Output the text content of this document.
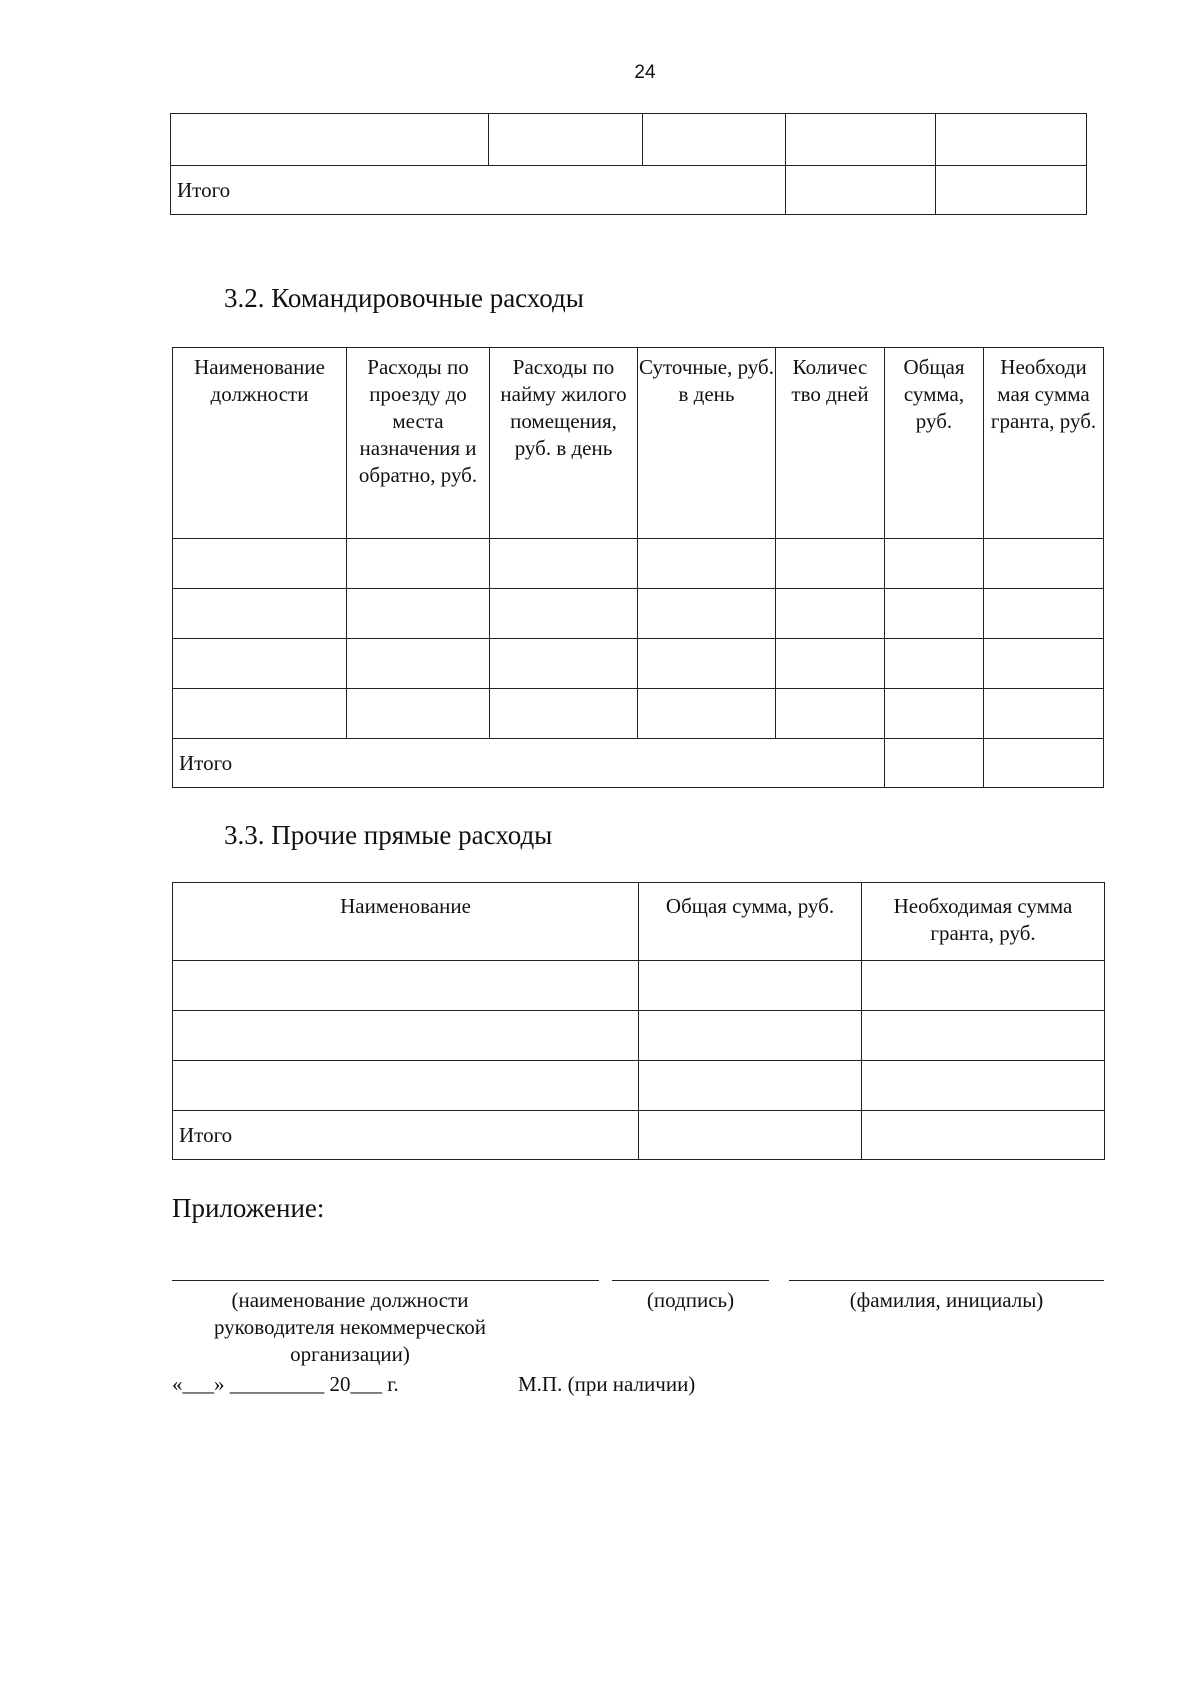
24

Итого				
3.2. Командировочные расходы
Наименование должности	Расходы по проезду до места назначения и обратно, руб.	Расходы по найму жилого помещения, руб. в день	Суточные, руб. в день	Количес тво дней	Общая сумма, руб.	Необходи мая сумма гранта, руб.

Итого						
3.3. Прочие прямые расходы
Наименование	Общая сумма, руб.	Необходимая сумма гранта, руб.

Итого		
Приложение:
(наименование должности руководителя некоммерческой организации)
(подпись)	(фамилия, инициалы)
«___» _________ 20___ г.	М.П. (при наличии)
